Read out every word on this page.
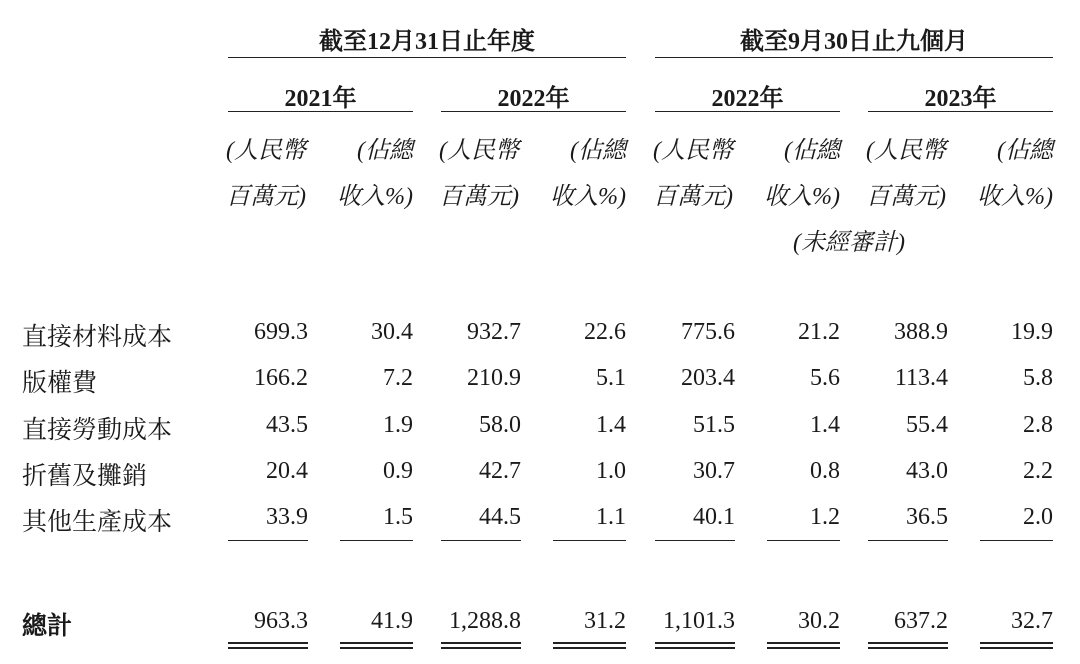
截至12月31日止年度	截至9月30日止九個月
2021年	2022年	2022年	2023年
(人民幣	(佔總 (人民幣	(佔總 (人民幣	(佔總 (人民幣	(佔總
百萬元)	收入%) 百萬元)	收入%) 百萬元)	收入%) 百萬元)	收入%)
(未經審計)
直接材料成本	699.3	30.4	932.7	22.6	775.6	21.2	388.9	19.9
版權費	166.2	7.2	210.9	5.1	203.4	5.6	113.4	5.8
直接勞動成本	43.5	1.9	58.0	1.4	51.5	1.4	55.4	2.8
折舊及攤銷	20.4	0.9	42.7	1.0	30.7	0.8	43.0	2.2
其他生產成本	33.9	1.5	44.5	1.1	40.1	1.2	36.5	2.0
總計	963.3	41.9	1,288.8	31.2	1,101.3	30.2	637.2	32.7
